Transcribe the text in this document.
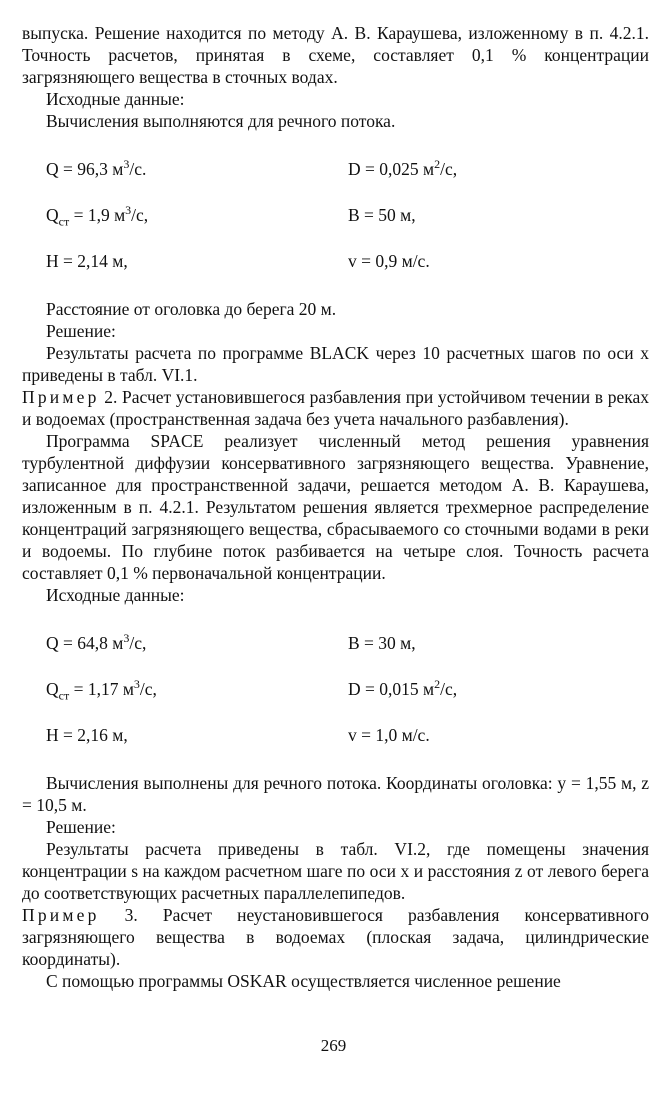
выпуска. Решение находится по методу А. В. Караушева, изложенному в п. 4.2.1. Точность расчетов, принятая в схеме, составляет 0,1 % концентрации загрязняющего вещества в сточных водах.

Исходные данные:

Вычисления выполняются для речного потока.

Q = 96,3 $м^3/с$.	D = 0,025 $м^2/с$,
$Q_{ст} = 1,9$ $м^3/с$,	B = 50 м,
H = 2,14 м,	v = 0,9 м/с.

Расстояние от оголовка до берега 20 м.

Решение:

Результаты расчета по программе BLACK через 10 расчетных шагов по оси x приведены в табл. VI.1.

Пример 2. Расчет установившегося разбавления при устойчивом течении в реках и водоемах (пространственная задача без учета начального разбавления).

Программа SPACE реализует численный метод решения уравнения турбулентной диффузии консервативного загрязняющего вещества. Уравнение, записанное для пространственной задачи, решается методом А. В. Караушева, изложенным в п. 4.2.1. Результатом решения является трехмерное распределение концентраций загрязняющего вещества, сбрасываемого со сточными водами в реки и водоемы. По глубине поток разбивается на четыре слоя. Точность расчета составляет 0,1 % первоначальной концентрации.

Исходные данные:

Q = 64,8 $м^3/с$,	B = 30 м,
$Q_{ст} = 1,17$ $м^3/с$,	D = 0,015 $м^2/с$,
H = 2,16 м,	v = 1,0 м/с.

Вычисления выполнены для речного потока. Координаты оголовка: y = 1,55 м, z = 10,5 м.

Решение:

Результаты расчета приведены в табл. VI.2, где помещены значения концентрации s на каждом расчетном шаге по оси x и расстояния z от левого берега до соответствующих расчетных параллелепипедов.

Пример 3. Расчет неустановившегося разбавления консервативного загрязняющего вещества в водоемах (плоская задача, цилиндрические координаты).

С помощью программы OSKAR осуществляется численное решение

269
